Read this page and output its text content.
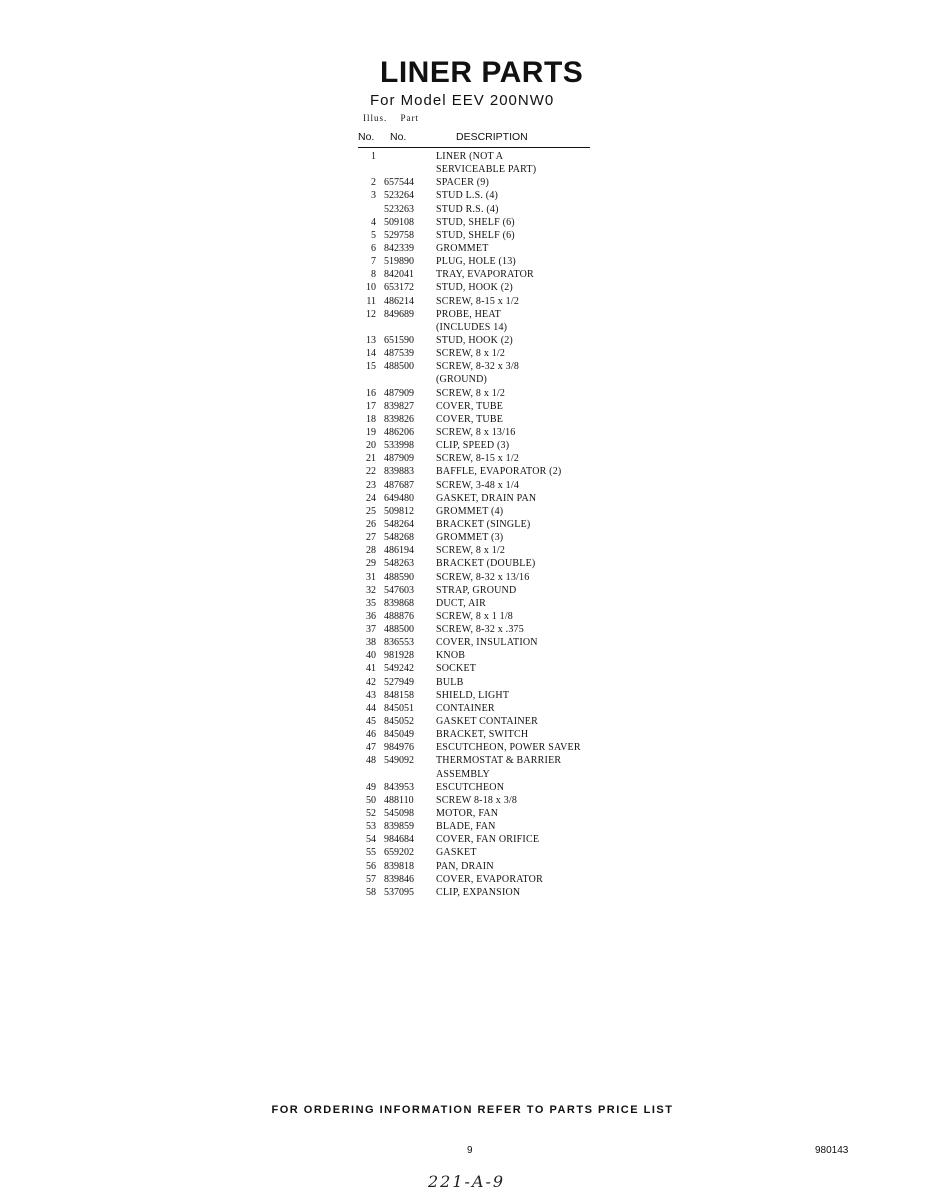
LINER PARTS
For Model EEV 200NW0
Illus. Part
No. No.	DESCRIPTION
1	LINER (NOT A
SERVICEABLE PART)
2 657544 SPACER (9)
3 523264 STUD L.S. (4)
523263 STUD R.S. (4)
4 509108 STUD, SHELF (6)
5 529758 STUD, SHELF (6)
6 842339 GROMMET
7 519890 PLUG, HOLE (13)
8 842041 TRAY, EVAPORATOR
10 653172 STUD, HOOK (2)
11 486214 SCREW, 8-15 x 1/2
12 849689 PROBE, HEAT
(INCLUDES 14)
13 651590 STUD, HOOK (2)
14 487539 SCREW, 8 x 1/2
15 488500 SCREW, 8-32 x 3/8
(GROUND)
16 487909 SCREW, 8 x 1/2
17 839827 COVER, TUBE
18 839826 COVER, TUBE
19 486206 SCREW, 8 x 13/16
20 533998 CLIP, SPEED (3)
21 487909 SCREW, 8-15 x 1/2
22 839883 BAFFLE, EVAPORATOR (2)
23 487687 SCREW, 3-48 x 1/4
24 649480 GASKET, DRAIN PAN
25 509812 GROMMET (4)
26 548264 BRACKET (SINGLE)
27 548268 GROMMET (3)
28 486194 SCREW, 8 x 1/2
29 548263 BRACKET (DOUBLE)
31 488590 SCREW, 8-32 x 13/16
32 547603 STRAP, GROUND
35 839868 DUCT, AIR
36 488876 SCREW, 8 x 1 1/8
37 488500 SCREW, 8-32 x .375
38 836553 COVER, INSULATION
40 981928 KNOB
41 549242 SOCKET
42 527949 BULB
43 848158 SHIELD, LIGHT
44 845051 CONTAINER
45 845052 GASKET CONTAINER
46 845049 BRACKET, SWITCH
47 984976 ESCUTCHEON, POWER SAVER
48 549092 THERMOSTAT & BARRIER
ASSEMBLY
49 843953 ESCUTCHEON
50 488110 SCREW 8-18 x 3/8
52 545098 MOTOR, FAN
53 839859 BLADE, FAN
54 984684 COVER, FAN ORIFICE
55 659202 GASKET
56 839818 PAN, DRAIN
57 839846 COVER, EVAPORATOR
58 537095 CLIP, EXPANSION
FOR ORDERING INFORMATION REFER TO PARTS PRICE LIST
9	980143
221-A-9
